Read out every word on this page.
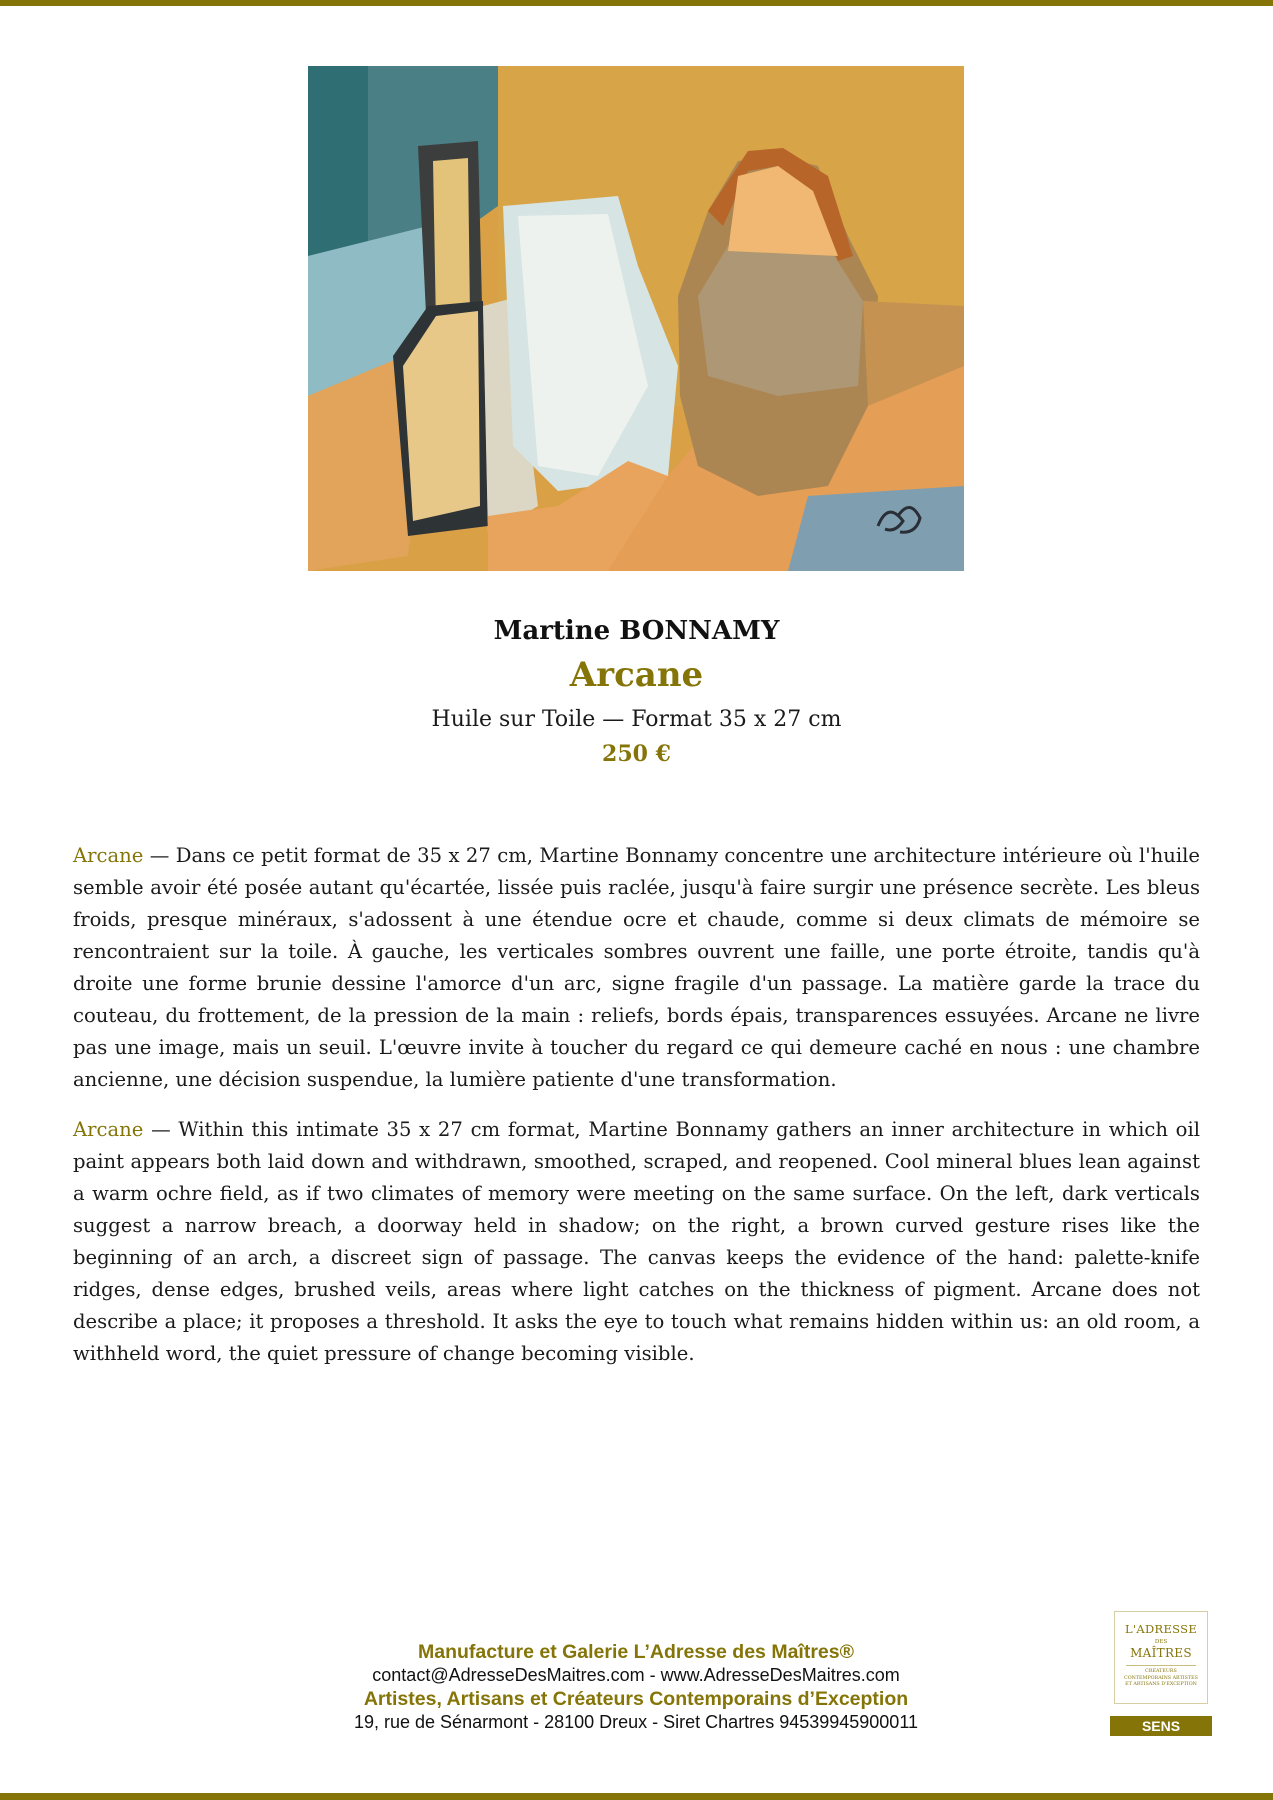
Martine BONNAMY
Arcane
Huile sur Toile — Format 35 x 27 cm
250 €

Arcane — Dans ce petit format de 35 x 27 cm, Martine Bonnamy concentre une architecture intérieure où l'huile semble avoir été posée autant qu'écartée, lissée puis raclée, jusqu'à faire surgir une présence secrète. Les bleus froids, presque minéraux, s'adossent à une étendue ocre et chaude, comme si deux climats de mémoire se rencontraient sur la toile. À gauche, les verticales sombres ouvrent une faille, une porte étroite, tandis qu'à droite une forme brunie dessine l'amorce d'un arc, signe fragile d'un passage. La matière garde la trace du couteau, du frottement, de la pression de la main : reliefs, bords épais, transparences essuyées. Arcane ne livre pas une image, mais un seuil. L'œuvre invite à toucher du regard ce qui demeure caché en nous : une chambre ancienne, une décision suspendue, la lumière patiente d'une transformation.

Arcane — Within this intimate 35 x 27 cm format, Martine Bonnamy gathers an inner architecture in which oil paint appears both laid down and withdrawn, smoothed, scraped, and reopened. Cool mineral blues lean against a warm ochre field, as if two climates of memory were meeting on the same surface. On the left, dark verticals suggest a narrow breach, a doorway held in shadow; on the right, a brown curved gesture rises like the beginning of an arch, a discreet sign of passage. The canvas keeps the evidence of the hand: palette-knife ridges, dense edges, brushed veils, areas where light catches on the thickness of pigment. Arcane does not describe a place; it proposes a threshold. It asks the eye to touch what remains hidden within us: an old room, a withheld word, the quiet pressure of change becoming visible.

Manufacture et Galerie L’Adresse des Maîtres®
contact@AdresseDesMaitres.com - www.AdresseDesMaitres.com
Artistes, Artisans et Créateurs Contemporains d’Exception
19, rue de Sénarmont - 28100 Dreux - Siret Chartres 94539945900011
L'ADRESSE
DES
MAÎTRES
CRÉATEURS CONTEMPORAINS ARTISTES ET ARTISANS D'EXCEPTION
SENS
